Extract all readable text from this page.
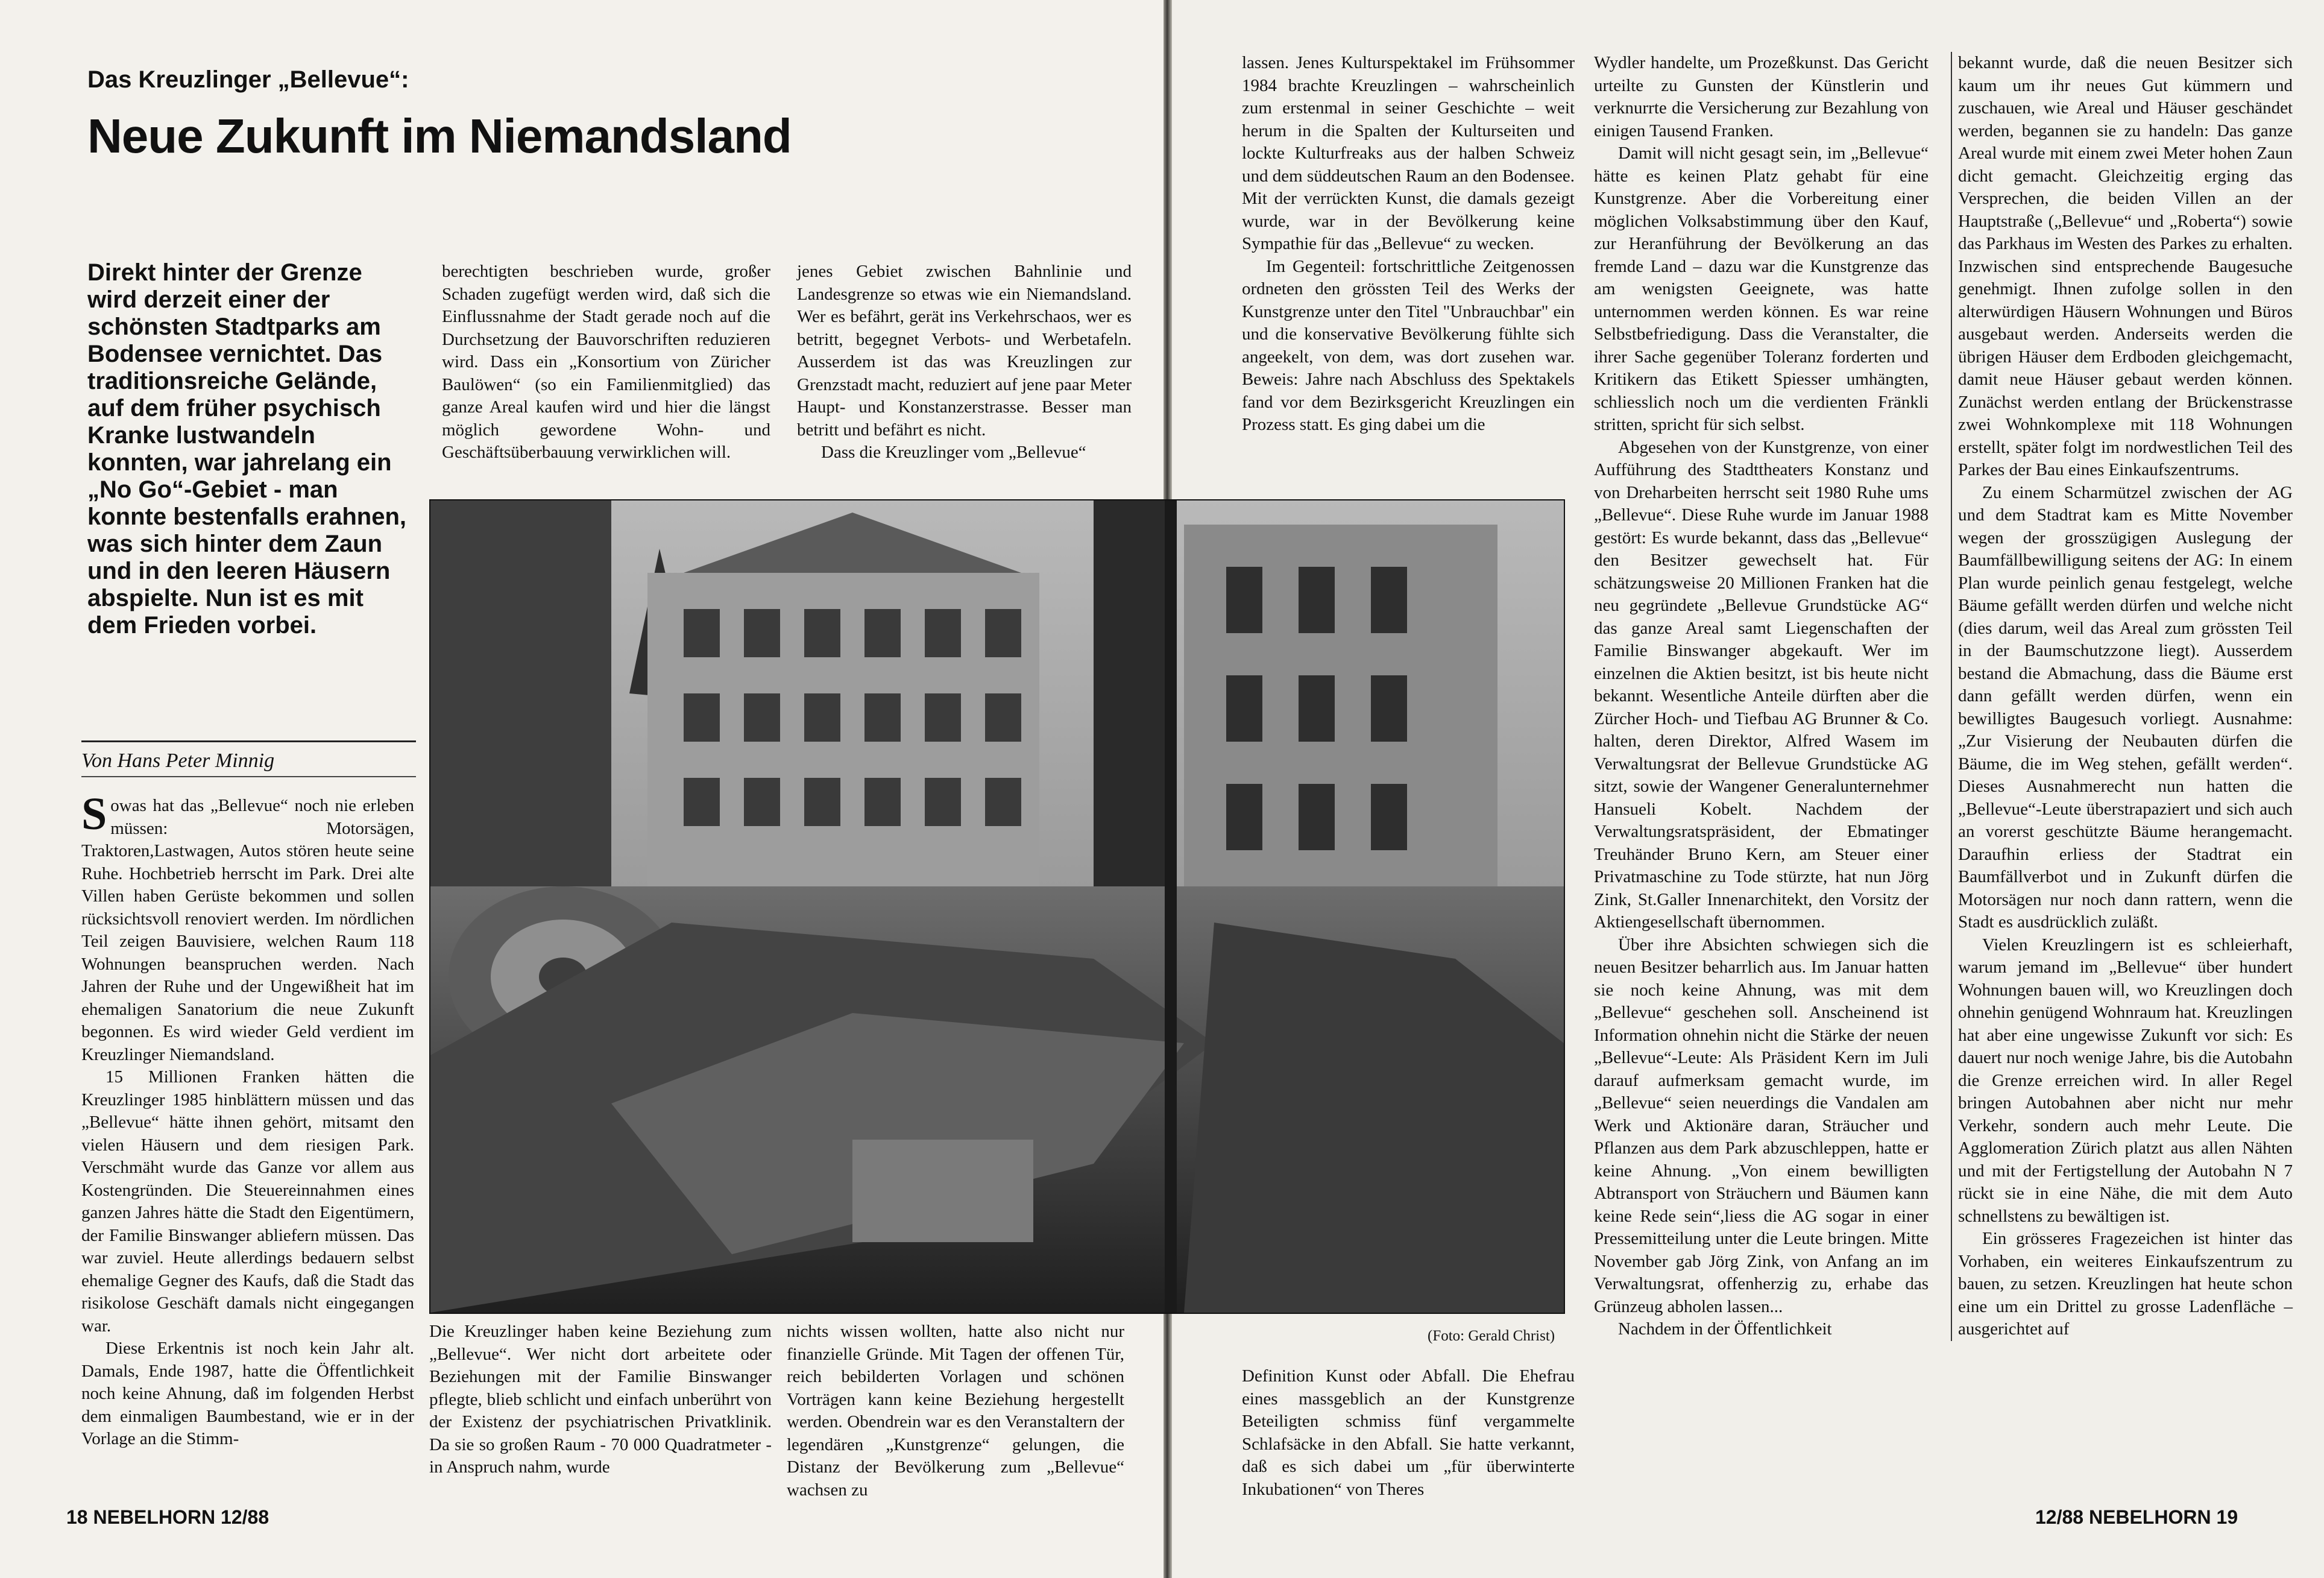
Das Kreuzlinger „Bellevue“:
Neue Zukunft im Niemandsland
Direkt hinter der Grenze wird derzeit einer der schönsten Stadtparks am Bodensee vernichtet. Das traditionsreiche Gelände, auf dem früher psychisch Kranke lustwandeln konnten, war jahrelang ein „No Go“-Gebiet - man konnte bestenfalls erahnen, was sich hinter dem Zaun und in den leeren Häusern abspielte. Nun ist es mit dem Frieden vorbei.
Von Hans Peter Minnig

Sowas hat das „Bellevue“ noch nie erleben müssen: Motorsägen, Traktoren,Lastwagen, Autos stören heute seine Ruhe. Hochbetrieb herrscht im Park. Drei alte Villen haben Gerüste bekommen und sollen rücksichtsvoll renoviert werden. Im nördlichen Teil zeigen Bauvisiere, welchen Raum 118 Wohnungen beanspruchen werden. Nach Jahren der Ruhe und der Ungewißheit hat im ehemaligen Sanatorium die neue Zukunft begonnen. Es wird wieder Geld verdient im Kreuzlinger Niemandsland.

15 Millionen Franken hätten die Kreuzlinger 1985 hinblättern müssen und das „Bellevue“ hätte ihnen gehört, mitsamt den vielen Häusern und dem riesigen Park. Verschmäht wurde das Ganze vor allem aus Kostengründen. Die Steuereinnahmen eines ganzen Jahres hätte die Stadt den Eigentümern, der Familie Binswanger abliefern müssen. Das war zuviel. Heute allerdings bedauern selbst ehemalige Gegner des Kaufs, daß die Stadt das risikolose Geschäft damals nicht eingegangen war.

Diese Erkentnis ist noch kein Jahr alt. Damals, Ende 1987, hatte die Öffentlichkeit noch keine Ahnung, daß im folgenden Herbst dem einmaligen Baumbestand, wie er in der Vorlage an die Stimm-

berechtigten beschrieben wurde, großer Schaden zugefügt werden wird, daß sich die Einflussnahme der Stadt gerade noch auf die Durchsetzung der Bauvorschriften reduzieren wird. Dass ein „Konsortium von Züricher Baulöwen“ (so ein Familienmitglied) das ganze Areal kaufen wird und hier die längst möglich gewordene Wohn- und Geschäftsüberbauung verwirklichen will.

jenes Gebiet zwischen Bahnlinie und Landesgrenze so etwas wie ein Niemandsland. Wer es befährt, gerät ins Verkehrschaos, wer es betritt, begegnet Verbots- und Werbetafeln. Ausserdem ist das was Kreuzlingen zur Grenzstadt macht, reduziert auf jene paar Meter Haupt- und Konstanzerstrasse. Besser man betritt und befährt es nicht.

Dass die Kreuzlinger vom „Bellevue“

Die Kreuzlinger haben keine Beziehung zum „Bellevue“. Wer nicht dort arbeitete oder Beziehungen mit der Familie Binswanger pflegte, blieb schlicht und einfach unberührt von der Existenz der psychiatrischen Privatklinik. Da sie so großen Raum - 70 000 Quadratmeter - in Anspruch nahm, wurde

nichts wissen wollten, hatte also nicht nur finanzielle Gründe. Mit Tagen der offenen Tür, reich bebilderten Vorlagen und schönen Vorträgen kann keine Beziehung hergestellt werden. Obendrein war es den Veranstaltern der legendären „Kunstgrenze“ gelungen, die Distanz der Bevölkerung zum „Bellevue“ wachsen zu

18 NEBELHORN 12/88

lassen. Jenes Kulturspektakel im Frühsommer 1984 brachte Kreuzlingen – wahrscheinlich zum erstenmal in seiner Geschichte – weit herum in die Spalten der Kulturseiten und lockte Kulturfreaks aus der halben Schweiz und dem süddeutschen Raum an den Bodensee. Mit der verrückten Kunst, die damals gezeigt wurde, war in der Bevölkerung keine Sympathie für das „Bellevue“ zu wecken.

Im Gegenteil: fortschrittliche Zeitgenossen ordneten den grössten Teil des Werks der Kunstgrenze unter den Titel "Unbrauchbar" ein und die konservative Bevölkerung fühlte sich angeekelt, von dem, was dort zusehen war. Beweis: Jahre nach Abschluss des Spektakels fand vor dem Bezirksgericht Kreuzlingen ein Prozess statt. Es ging dabei um die

Definition Kunst oder Abfall. Die Ehefrau eines massgeblich an der Kunstgrenze Beteiligten schmiss fünf vergammelte Schlafsäcke in den Abfall. Sie hatte verkannt, daß es sich dabei um „für überwinterte Inkubationen“ von Theres

Wydler handelte, um Prozeßkunst. Das Gericht urteilte zu Gunsten der Künstlerin und verknurrte die Versicherung zur Bezahlung von einigen Tausend Franken.

Damit will nicht gesagt sein, im „Bellevue“ hätte es keinen Platz gehabt für eine Kunstgrenze. Aber die Vorbereitung einer möglichen Volksabstimmung über den Kauf, zur Heranführung der Bevölkerung an das fremde Land – dazu war die Kunstgrenze das am wenigsten Geeignete, was hatte unternommen werden können. Es war reine Selbstbefriedigung. Dass die Veranstalter, die ihrer Sache gegenüber Toleranz forderten und Kritikern das Etikett Spiesser umhängten, schliesslich noch um die verdienten Fränkli stritten, spricht für sich selbst.

Abgesehen von der Kunstgrenze, von einer Aufführung des Stadttheaters Konstanz und von Dreharbeiten herrscht seit 1980 Ruhe ums „Bellevue“. Diese Ruhe wurde im Januar 1988 gestört: Es wurde bekannt, dass das „Bellevue“ den Besitzer gewechselt hat. Für schätzungsweise 20 Millionen Franken hat die neu gegründete „Bellevue Grundstücke AG“ das ganze Areal samt Liegenschaften der Familie Binswanger abgekauft. Wer im einzelnen die Aktien besitzt, ist bis heute nicht bekannt. Wesentliche Anteile dürften aber die Zürcher Hoch- und Tiefbau AG Brunner & Co. halten, deren Direktor, Alfred Wasem im Verwaltungsrat der Bellevue Grundstücke AG sitzt, sowie der Wangener Generalunternehmer Hansueli Kobelt. Nachdem der Verwaltungsratspräsident, der Ebmatinger Treuhänder Bruno Kern, am Steuer einer Privatmaschine zu Tode stürzte, hat nun Jörg Zink, St.Galler Innenarchitekt, den Vorsitz der Aktiengesellschaft übernommen.

Über ihre Absichten schwiegen sich die neuen Besitzer beharrlich aus. Im Januar hatten sie noch keine Ahnung, was mit dem „Bellevue“ geschehen soll. Anscheinend ist Information ohnehin nicht die Stärke der neuen „Bellevue“-Leute: Als Präsident Kern im Juli darauf aufmerksam gemacht wurde, im „Bellevue“ seien neuerdings die Vandalen am Werk und Aktionäre daran, Sträucher und Pflanzen aus dem Park abzuschleppen, hatte er keine Ahnung. „Von einem bewilligten Abtransport von Sträuchern und Bäumen kann keine Rede sein“,liess die AG sogar in einer Pressemitteilung unter die Leute bringen. Mitte November gab Jörg Zink, von Anfang an im Verwaltungsrat, offenherzig zu, erhabe das Grünzeug abholen lassen...

Nachdem in der Öffentlichkeit

bekannt wurde, daß die neuen Besitzer sich kaum um ihr neues Gut kümmern und zuschauen, wie Areal und Häuser geschändet werden, begannen sie zu handeln: Das ganze Areal wurde mit einem zwei Meter hohen Zaun dicht gemacht. Gleichzeitig erging das Versprechen, die beiden Villen an der Hauptstraße („Bellevue“ und „Roberta“) sowie das Parkhaus im Westen des Parkes zu erhalten. Inzwischen sind entsprechende Baugesuche genehmigt. Ihnen zufolge sollen in den alterwürdigen Häusern Wohnungen und Büros ausgebaut werden. Anderseits werden die übrigen Häuser dem Erdboden gleichgemacht, damit neue Häuser gebaut werden können. Zunächst werden entlang der Brückenstrasse zwei Wohnkomplexe mit 118 Wohnungen erstellt, später folgt im nordwestlichen Teil des Parkes der Bau eines Einkaufszentrums.

Zu einem Scharmützel zwischen der AG und dem Stadtrat kam es Mitte November wegen der grosszügigen Auslegung der Baumfällbewilligung seitens der AG: In einem Plan wurde peinlich genau festgelegt, welche Bäume gefällt werden dürfen und welche nicht (dies darum, weil das Areal zum grössten Teil in der Baumschutzzone liegt). Ausserdem bestand die Abmachung, dass die Bäume erst dann gefällt werden dürfen, wenn ein bewilligtes Baugesuch vorliegt. Ausnahme: „Zur Visierung der Neubauten dürfen die Bäume, die im Weg stehen, gefällt werden“. Dieses Ausnahmerecht nun hatten die „Bellevue“-Leute überstrapaziert und sich auch an vorerst geschützte Bäume herangemacht. Daraufhin erliess der Stadtrat ein Baumfällverbot und in Zukunft dürfen die Motorsägen nur noch dann rattern, wenn die Stadt es ausdrücklich zuläßt.

Vielen Kreuzlingern ist es schleierhaft, warum jemand im „Bellevue“ über hundert Wohnungen bauen will, wo Kreuzlingen doch ohnehin genügend Wohnraum hat. Kreuzlingen hat aber eine ungewisse Zukunft vor sich: Es dauert nur noch wenige Jahre, bis die Autobahn die Grenze erreichen wird. In aller Regel bringen Autobahnen aber nicht nur mehr Verkehr, sondern auch mehr Leute. Die Agglomeration Zürich platzt aus allen Nähten und mit der Fertigstellung der Autobahn N 7 rückt sie in eine Nähe, die mit dem Auto schnellstens zu bewältigen ist.

Ein grösseres Fragezeichen ist hinter das Vorhaben, ein weiteres Einkaufszentrum zu bauen, zu setzen. Kreuzlingen hat heute schon eine um ein Drittel zu grosse Ladenfläche – ausgerichtet auf

12/88 NEBELHORN 19
(Foto: Gerald Christ)
